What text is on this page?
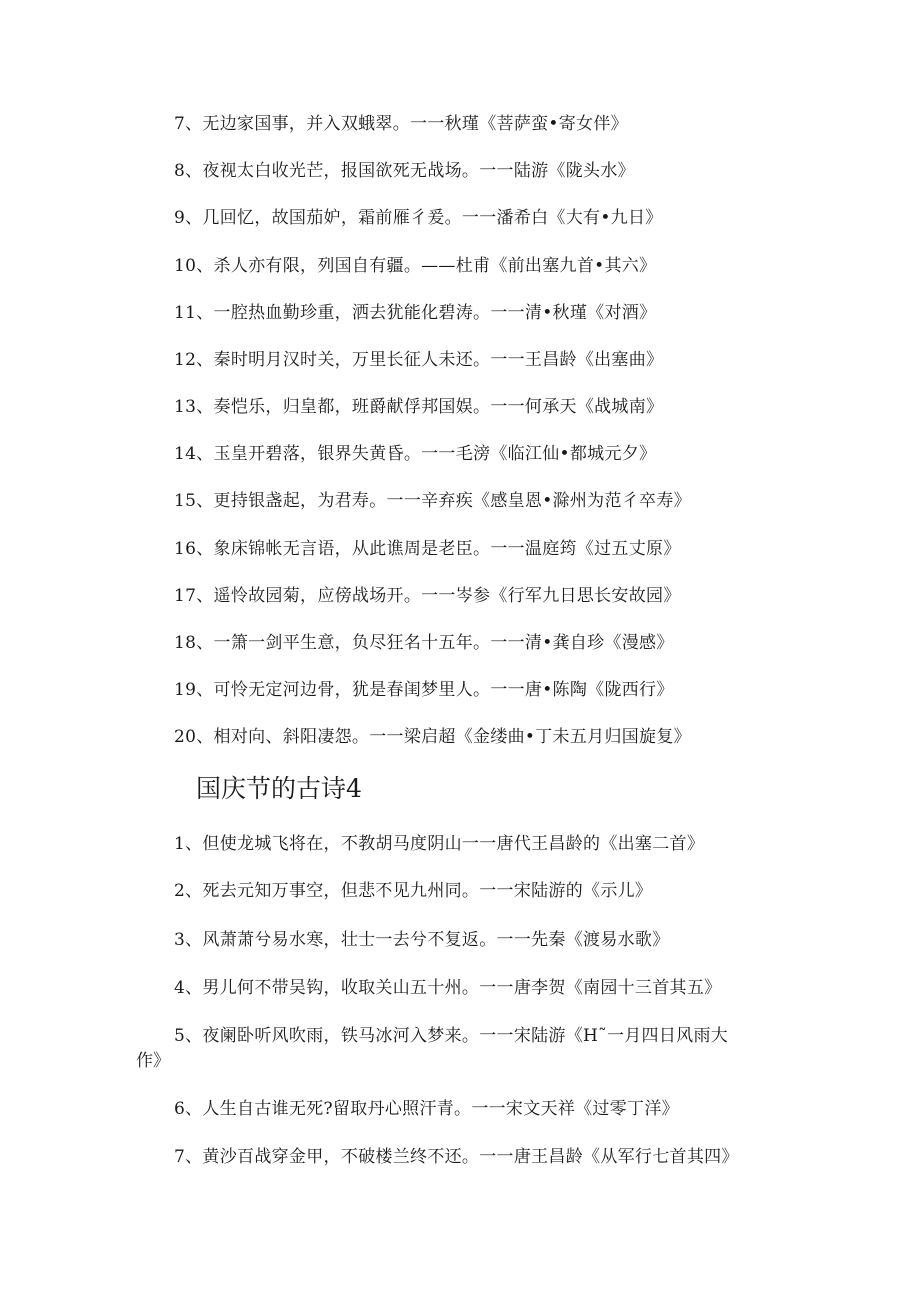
7、无边家国事，并入双蛾翠。一一秋瑾《菩萨蛮•寄女伴》
8、夜视太白收光芒，报国欲死无战场。一一陆游《陇头水》
9、几回忆，故国茄妒，霜前雁彳爰。一一潘希白《大有•九日》
10、杀人亦有限，列国自有疆。——杜甫《前出塞九首•其六》
11、一腔热血勤珍重，洒去犹能化碧涛。一一清•秋瑾《对酒》
12、秦时明月汉时关，万里长征人未还。一一王昌龄《出塞曲》
13、奏恺乐，归皇都，班爵献俘邦国娱。一一何承天《战城南》
14、玉皇开碧落，银界失黄昏。一一毛滂《临江仙•都城元夕》
15、更持银盏起，为君寿。一一辛弃疾《感皇恩•滁州为范彳卒寿》
16、象床锦帐无言语，从此谯周是老臣。一一温庭筠《过五丈原》
17、遥怜故园菊，应傍战场开。一一岑参《行军九日思长安故园》
18、一箫一剑平生意，负尽狂名十五年。一一清•龚自珍《漫感》
19、可怜无定河边骨，犹是春闺梦里人。一一唐•陈陶《陇西行》
20、相对向、斜阳凄怨。一一梁启超《金缕曲•丁未五月归国旋复》
国庆节的古诗4
1、但使龙城飞将在，不教胡马度阴山一一唐代王昌龄的《出塞二首》
2、死去元知万事空，但悲不见九州同。一一宋陆游的《示儿》
3、风萧萧兮易水寒，壮士一去兮不复返。一一先秦《渡易水歌》
4、男儿何不带吴钩，收取关山五十州。一一唐李贺《南园十三首其五》
5、夜阑卧听风吹雨，铁马冰河入梦来。一一宋陆游《H˜一月四日风雨大
作》
6、人生自古谁无死?留取丹心照汗青。一一宋文天祥《过零丁洋》
7、黄沙百战穿金甲，不破楼兰终不还。一一唐王昌龄《从军行七首其四》
